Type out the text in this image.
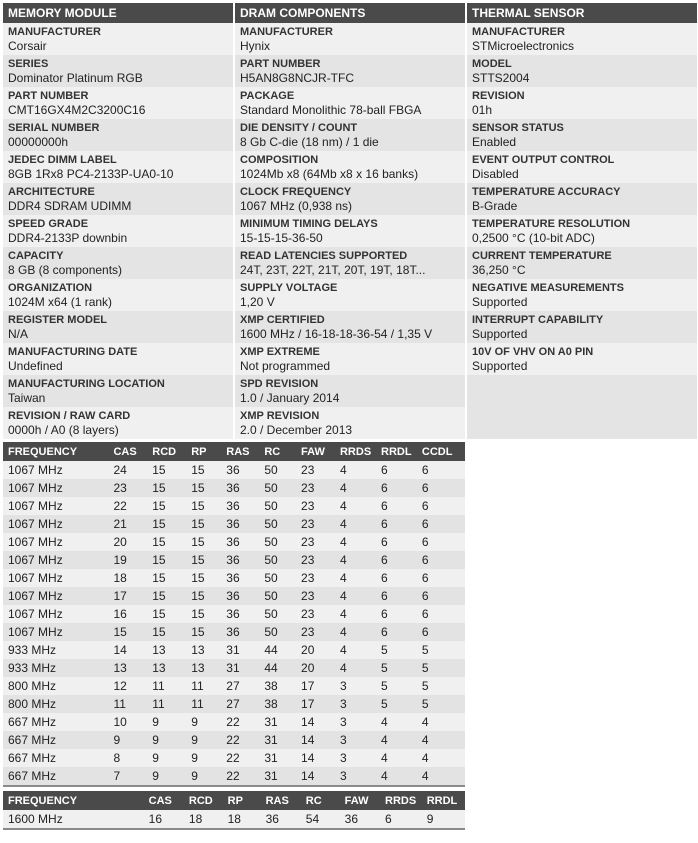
MEMORY MODULE
MANUFACTURER
Corsair
SERIES
Dominator Platinum RGB
PART NUMBER
CMT16GX4M2C3200C16
SERIAL NUMBER
00000000h
JEDEC DIMM LABEL
8GB 1Rx8 PC4-2133P-UA0-10
ARCHITECTURE
DDR4 SDRAM UDIMM
SPEED GRADE
DDR4-2133P downbin
CAPACITY
8 GB (8 components)
ORGANIZATION
1024M x64 (1 rank)
REGISTER MODEL
N/A
MANUFACTURING DATE
Undefined
MANUFACTURING LOCATION
Taiwan
REVISION / RAW CARD
0000h / A0 (8 layers)
DRAM COMPONENTS
MANUFACTURER
Hynix
PART NUMBER
H5AN8G8NCJR-TFC
PACKAGE
Standard Monolithic 78-ball FBGA
DIE DENSITY / COUNT
8 Gb C-die (18 nm) / 1 die
COMPOSITION
1024Mb x8 (64Mb x8 x 16 banks)
CLOCK FREQUENCY
1067 MHz (0,938 ns)
MINIMUM TIMING DELAYS
15-15-15-36-50
READ LATENCIES SUPPORTED
24T, 23T, 22T, 21T, 20T, 19T, 18T...
SUPPLY VOLTAGE
1,20 V
XMP CERTIFIED
1600 MHz / 16-18-18-36-54 / 1,35 V
XMP EXTREME
Not programmed
SPD REVISION
1.0 / January 2014
XMP REVISION
2.0 / December 2013
THERMAL SENSOR
MANUFACTURER
STMicroelectronics
MODEL
STTS2004
REVISION
01h
SENSOR STATUS
Enabled
EVENT OUTPUT CONTROL
Disabled
TEMPERATURE ACCURACY
B-Grade
TEMPERATURE RESOLUTION
0,2500 °C (10-bit ADC)
CURRENT TEMPERATURE
36,250 °C
NEGATIVE MEASUREMENTS
Supported
INTERRUPT CAPABILITY
Supported
10V OF VHV ON A0 PIN
Supported
FREQUENCY	CAS	RCD	RP	RAS	RC	FAW	RRDS	RRDL	CCDL
1067 MHz	24	15	15	36	50	23	4	6	6
1067 MHz	23	15	15	36	50	23	4	6	6
1067 MHz	22	15	15	36	50	23	4	6	6
1067 MHz	21	15	15	36	50	23	4	6	6
1067 MHz	20	15	15	36	50	23	4	6	6
1067 MHz	19	15	15	36	50	23	4	6	6
1067 MHz	18	15	15	36	50	23	4	6	6
1067 MHz	17	15	15	36	50	23	4	6	6
1067 MHz	16	15	15	36	50	23	4	6	6
1067 MHz	15	15	15	36	50	23	4	6	6
933 MHz	14	13	13	31	44	20	4	5	5
933 MHz	13	13	13	31	44	20	4	5	5
800 MHz	12	11	11	27	38	17	3	5	5
800 MHz	11	11	11	27	38	17	3	5	5
667 MHz	10	9	9	22	31	14	3	4	4
667 MHz	9	9	9	22	31	14	3	4	4
667 MHz	8	9	9	22	31	14	3	4	4
667 MHz	7	9	9	22	31	14	3	4	4
FREQUENCY	CAS	RCD	RP	RAS	RC	FAW	RRDS	RRDL
1600 MHz	16	18	18	36	54	36	6	9
